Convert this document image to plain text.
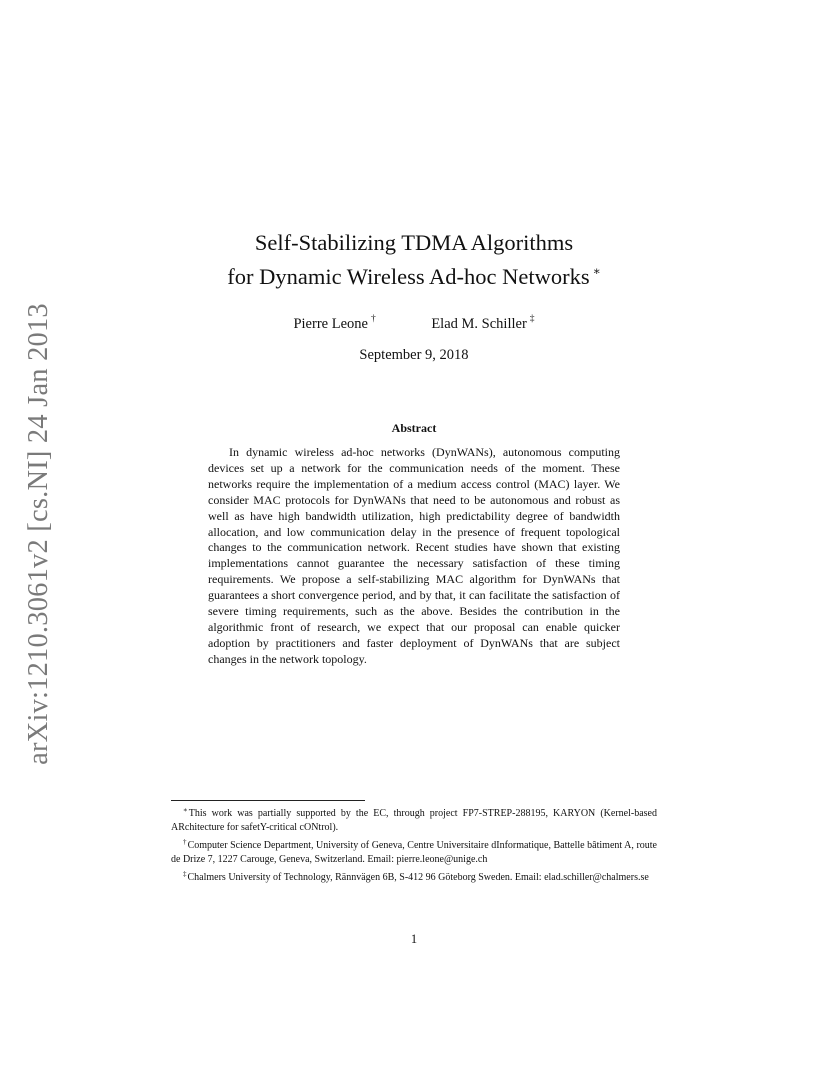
arXiv:1210.3061v2 [cs.NI] 24 Jan 2013
Self-Stabilizing TDMA Algorithms
for Dynamic Wireless Ad-hoc Networks ∗
Pierre Leone †	Elad M. Schiller ‡
September 9, 2018
Abstract

In dynamic wireless ad-hoc networks (DynWANs), autonomous computing devices set up a network for the communication needs of the moment. These networks require the implementation of a medium access control (MAC) layer. We consider MAC protocols for DynWANs that need to be autonomous and robust as well as have high bandwidth utilization, high predictability degree of bandwidth allocation, and low communication delay in the presence of frequent topological changes to the communication network. Recent studies have shown that existing implementations cannot guarantee the necessary satisfaction of these timing requirements. We propose a self-stabilizing MAC algorithm for DynWANs that guarantees a short convergence period, and by that, it can facilitate the satisfaction of severe timing requirements, such as the above. Besides the contribution in the algorithmic front of research, we expect that our proposal can enable quicker adoption by practitioners and faster deployment of DynWANs that are subject changes in the network topology.

∗This work was partially supported by the EC, through project FP7-STREP-288195, KARYON (Kernel-based ARchitecture for safetY-critical cONtrol).

†Computer Science Department, University of Geneva, Centre Universitaire dInformatique, Battelle bâtiment A, route de Drize 7, 1227 Carouge, Geneva, Switzerland. Email: pierre.leone@unige.ch

‡Chalmers University of Technology, Rännvägen 6B, S-412 96 Göteborg Sweden. Email: elad.schiller@chalmers.se

1
